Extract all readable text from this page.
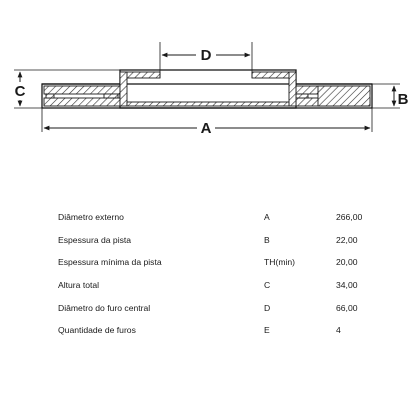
D
C	B
A
Diâmetro externo	A	266,00
Espessura da pista	B	22,00
Espessura mínima da pista	TH(min)	20,00
Altura total	C	34,00
Diâmetro do furo central	D	66,00
Quantidade de furos	E	4
